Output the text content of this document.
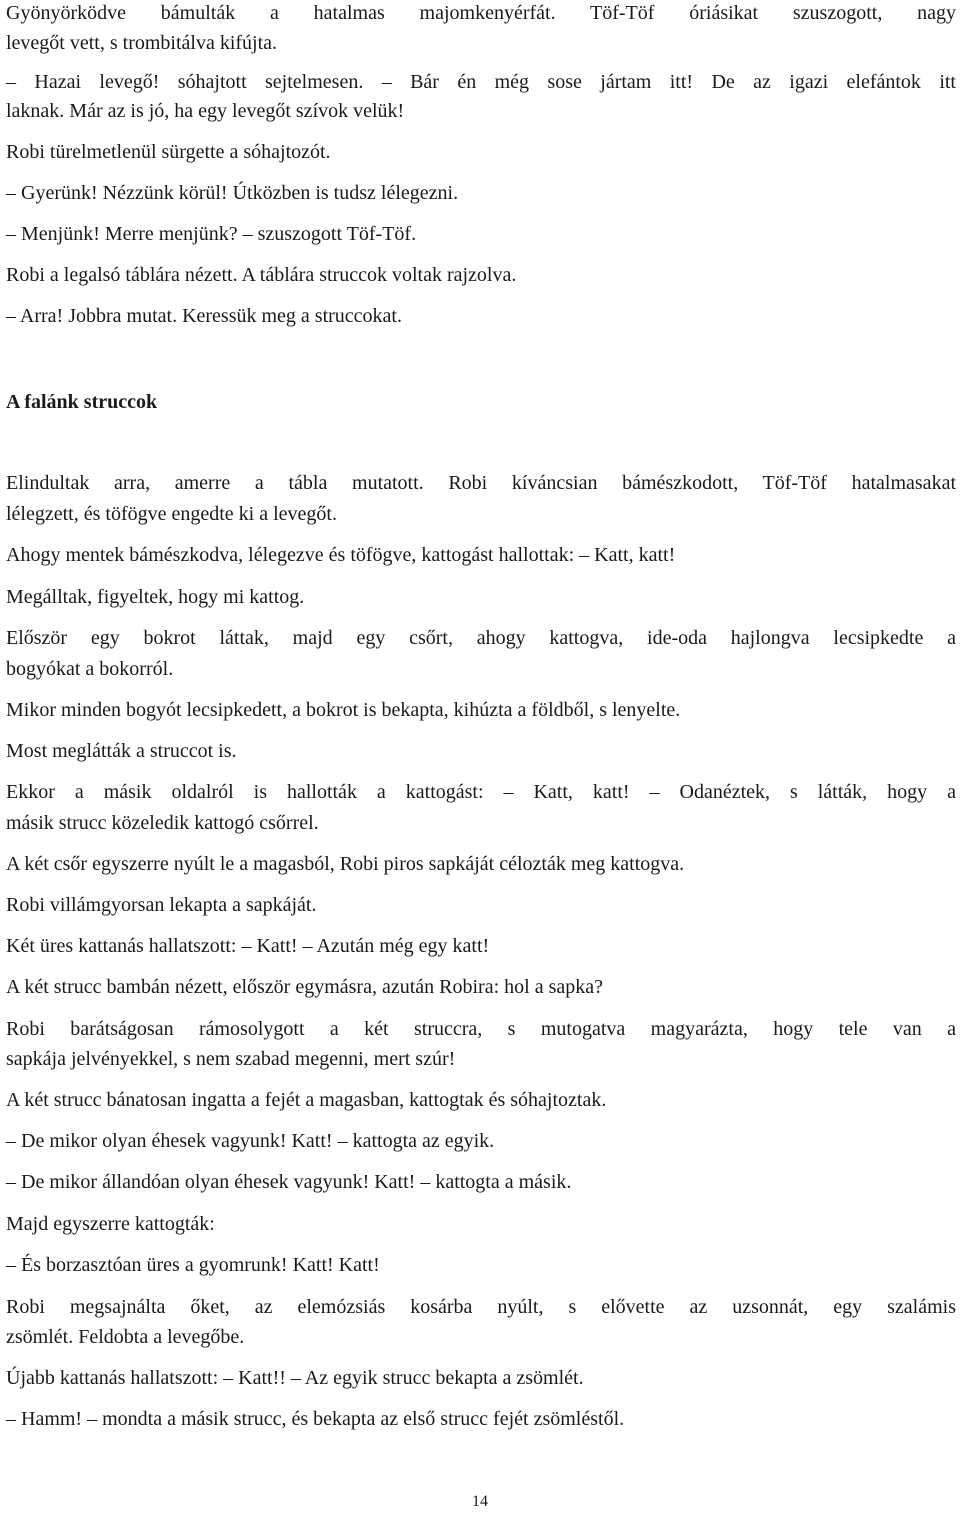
Gyönyörködve bámulták a hatalmas majomkenyérfát. Töf-Töf óriásikat szuszogott, nagy
levegőt vett, s trombitálva kifújta.
– Hazai levegő! sóhajtott sejtelmesen. – Bár én még sose jártam itt! De az igazi elefántok itt
laknak. Már az is jó, ha egy levegőt szívok velük!
Robi türelmetlenül sürgette a sóhajtozót.
– Gyerünk! Nézzünk körül! Útközben is tudsz lélegezni.
– Menjünk! Merre menjünk? – szuszogott Töf-Töf.
Robi a legalsó táblára nézett. A táblára struccok voltak rajzolva.
– Arra! Jobbra mutat. Keressük meg a struccokat.
A falánk struccok
Elindultak arra, amerre a tábla mutatott. Robi kíváncsian bámészkodott, Töf-Töf hatalmasakat
lélegzett, és töfögve engedte ki a levegőt.
Ahogy mentek bámészkodva, lélegezve és töfögve, kattogást hallottak: – Katt, katt!
Megálltak, figyeltek, hogy mi kattog.
Először egy bokrot láttak, majd egy csőrt, ahogy kattogva, ide-oda hajlongva lecsipkedte a
bogyókat a bokorról.
Mikor minden bogyót lecsipkedett, a bokrot is bekapta, kihúzta a földből, s lenyelte.
Most meglátták a struccot is.
Ekkor a másik oldalról is hallották a kattogást: – Katt, katt! – Odanéztek, s látták, hogy a
másik strucc közeledik kattogó csőrrel.
A két csőr egyszerre nyúlt le a magasból, Robi piros sapkáját célozták meg kattogva.
Robi villámgyorsan lekapta a sapkáját.
Két üres kattanás hallatszott: – Katt! – Azután még egy katt!
A két strucc bambán nézett, először egymásra, azután Robira: hol a sapka?
Robi barátságosan rámosolygott a két struccra, s mutogatva magyarázta, hogy tele van a
sapkája jelvényekkel, s nem szabad megenni, mert szúr!
A két strucc bánatosan ingatta a fejét a magasban, kattogtak és sóhajtoztak.
– De mikor olyan éhesek vagyunk! Katt! – kattogta az egyik.
– De mikor állandóan olyan éhesek vagyunk! Katt! – kattogta a másik.
Majd egyszerre kattogták:
– És borzasztóan üres a gyomrunk! Katt! Katt!
Robi megsajnálta őket, az elemózsiás kosárba nyúlt, s elővette az uzsonnát, egy szalámis
zsömlét. Feldobta a levegőbe.
Újabb kattanás hallatszott: – Katt!! – Az egyik strucc bekapta a zsömlét.
– Hamm! – mondta a másik strucc, és bekapta az első strucc fejét zsömléstől.
14
